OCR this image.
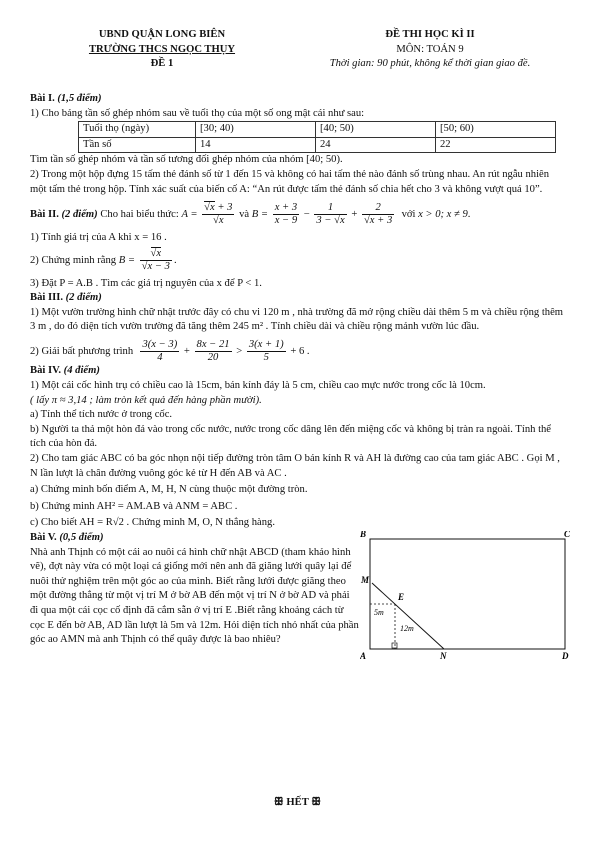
UBND QUẬN LONG BIÊN
TRƯỜNG THCS NGỌC THỤY
ĐỀ 1
ĐỀ THI HỌC KÌ II
MÔN: TOÁN 9
Thời gian: 90 phút, không kể thời gian giao đề.

Bài I. (1,5 điểm)

1) Cho bảng tần số ghép nhóm sau về tuổi thọ của một số ong mật cái như sau:

Tuổi thọ (ngày)	[30; 40)	[40; 50)	[50; 60)
Tần số	14	24	22

Tìm tần số ghép nhóm và tần số tương đối ghép nhóm của nhóm [40; 50).

2) Trong một hộp đựng 15 tấm thẻ đánh số từ 1 đến 15 và không có hai tấm thẻ nào đánh số trùng nhau. An rút ngẫu nhiên một tấm thẻ trong hộp. Tính xác suất của biến cố A: “An rút được tấm thẻ đánh số chia hết cho 3 và không vượt quá 10”.

Bài II. (2 điểm) Cho hai biểu thức: $A = \frac{√x + 3}{√x}$ và $B = \frac{x + 3}{x - 9} - \frac{1}{3 - √x} + \frac{2}{√x + 3}$ với x > 0; x ≠ 9.

1) Tính giá trị của A khi x = 16 .

2) Chứng minh rằng $B = \frac{√x}{√x - 3}$ .

3) Đặt P = A.B . Tìm các giá trị nguyên của x để P < 1.

Bài III. (2 điểm)

1) Một vườn trường hình chữ nhật trước đây có chu vi 120 m , nhà trường đã mở rộng chiều dài thêm 5 m và chiều rộng thêm 3 m , do đó diện tích vườn trường đã tăng thêm 245 m² . Tính chiều dài và chiều rộng mảnh vườn lúc đầu.

2) Giải bất phương trình $\frac{3(x - 3)}{4} + \frac{8x - 21}{20} > \frac{3(x + 1)}{5} + 6$ .

Bài IV. (4 điểm)

1) Một cái cốc hình trụ có chiều cao là 15cm, bán kính đáy là 5 cm, chiều cao mực nước trong cốc là 10cm.

( lấy π ≈ 3,14 ; làm tròn kết quả đến hàng phần mười).

a) Tính thể tích nước ở trong cốc.

b) Người ta thả một hòn đá vào trong cốc nước, nước trong cốc dâng lên đến miệng cốc và không bị tràn ra ngoài. Tính thể tích của hòn đá.

2) Cho tam giác ABC có ba góc nhọn nội tiếp đường tròn tâm O bán kính R và AH là đường cao của tam giác ABC . Gọi M , N lần lượt là chân đường vuông góc kẻ từ H đến AB và AC .

a) Chứng minh bốn điểm A, M, H, N cùng thuộc một đường tròn.

b) Chứng minh AH² = AM.AB và ANM = ABC .

c) Cho biết AH = R√2 . Chứng minh M, O, N thẳng hàng.

Bài V. (0,5 điểm)

Nhà anh Thịnh có một cái ao nuôi cá hình chữ nhật ABCD (tham khảo hình vẽ), đợt này vừa có một loại cá giống mới nên anh đã giăng lưới quây lại để nuôi thử nghiệm trên một góc ao của mình. Biết rằng lưới được giăng theo một đường thẳng từ một vị trí M ở bờ AB đến một vị trí N ở bờ AD và phải đi qua một cái cọc cố định đã cắm sẵn ở vị trí E .Biết rằng khoảng cách từ cọc E đến bờ AB, AD lần lượt là 5m và 12m. Hỏi diện tích nhỏ nhất của phần góc ao AMN mà anh Thịnh có thể quây được là bao nhiêu?

B	C
A	D
M
N
E
5m
12m
ꕥ HẾT ꕥ
